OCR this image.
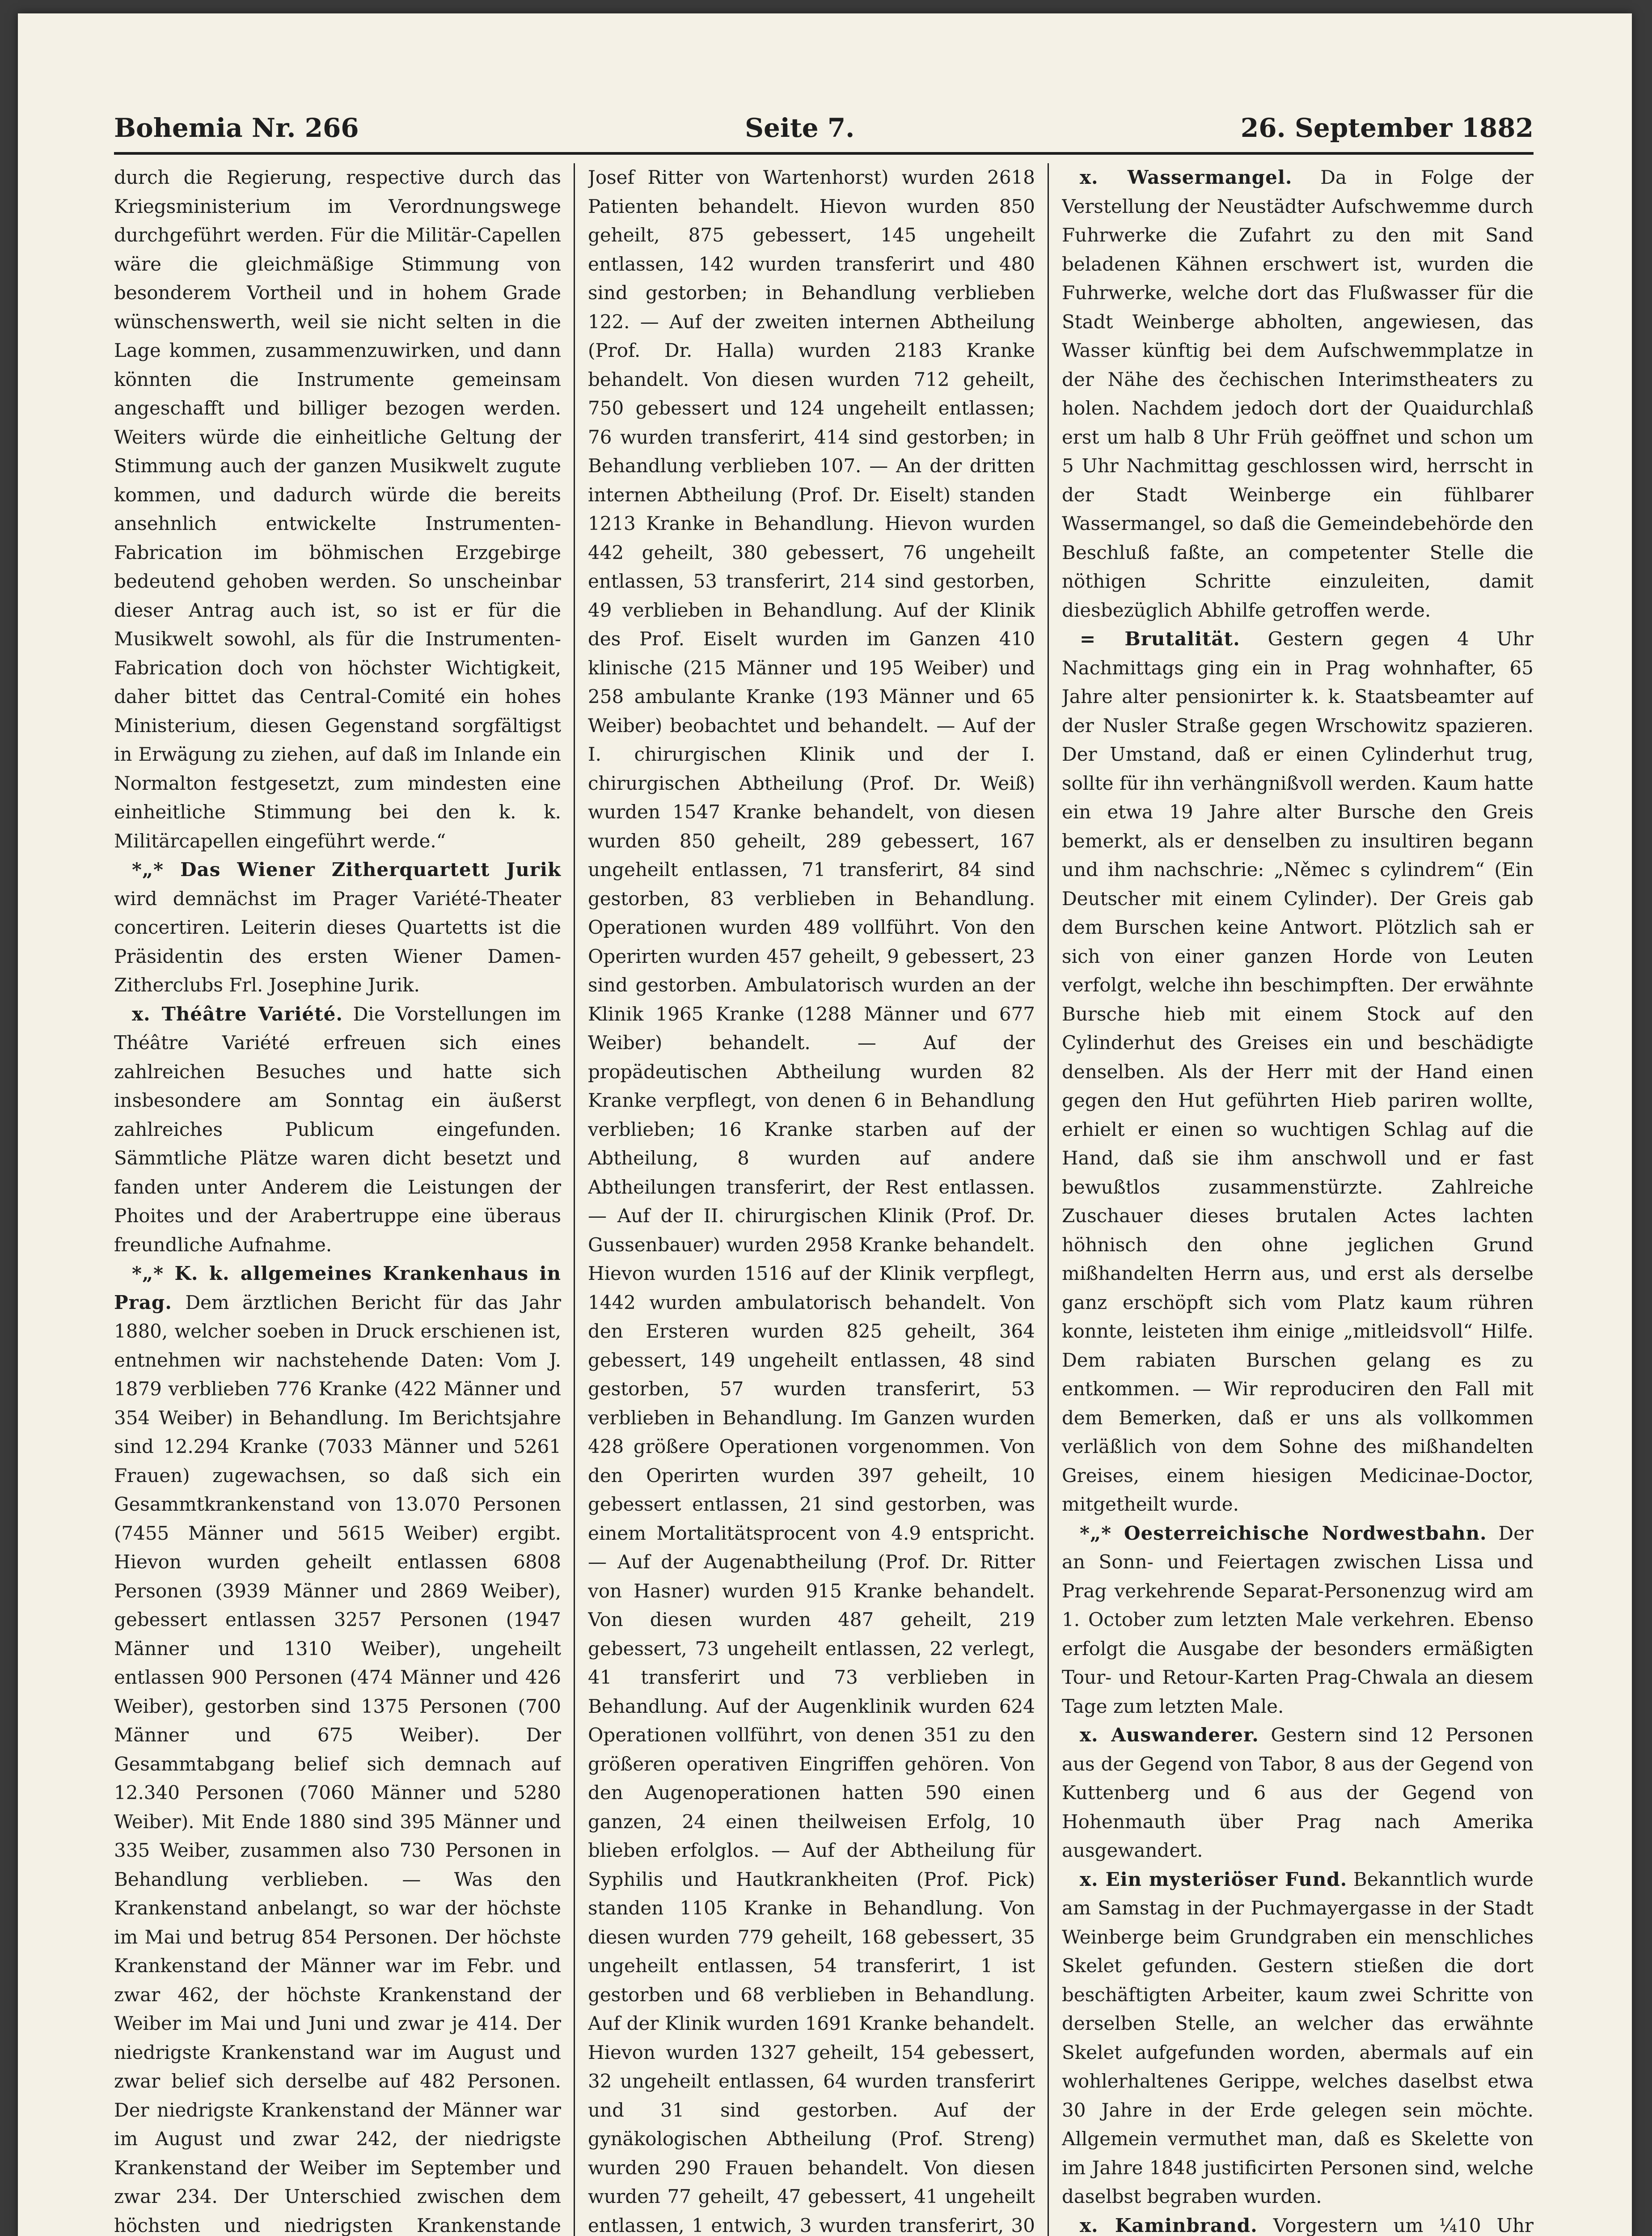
Bohemia Nr. 266	Seite 7.	26. September 1882

durch die Regierung, respective durch das Kriegsministerium im Verordnungswege durchgeführt werden. Für die Militär-Capellen wäre die gleichmäßige Stimmung von besonderem Vortheil und in hohem Grade wünschenswerth, weil sie nicht selten in die Lage kommen, zusammenzuwirken, und dann könnten die Instrumente gemeinsam angeschafft und billiger bezogen werden. Weiters würde die einheitliche Geltung der Stimmung auch der ganzen Musikwelt zugute kommen, und dadurch würde die bereits ansehnlich entwickelte Instrumenten-Fabrication im böhmischen Erzgebirge bedeutend gehoben werden. So unscheinbar dieser Antrag auch ist, so ist er für die Musikwelt sowohl, als für die Instrumenten-Fabrication doch von höchster Wichtigkeit, daher bittet das Central-Comité ein hohes Ministerium, diesen Gegenstand sorgfältigst in Erwägung zu ziehen, auf daß im Inlande ein Normalton festgesetzt, zum mindesten eine einheitliche Stimmung bei den k. k. Militärcapellen eingeführt werde.“

*„* Das Wiener Zitherquartett Jurik wird demnächst im Prager Variété-Theater concertiren. Leiterin dieses Quartetts ist die Präsidentin des ersten Wiener Damen-Zitherclubs Frl. Josephine Jurik.

x. Théâtre Variété. Die Vorstellungen im Théâtre Variété erfreuen sich eines zahlreichen Besuches und hatte sich insbesondere am Sonntag ein äußerst zahlreiches Publicum eingefunden. Sämmtliche Plätze waren dicht besetzt und fanden unter Anderem die Leistungen der Phoites und der Arabertruppe eine überaus freundliche Aufnahme.

*„* K. k. allgemeines Krankenhaus in Prag. Dem ärztlichen Bericht für das Jahr 1880, welcher soeben in Druck erschienen ist, entnehmen wir nachstehende Daten: Vom J. 1879 verblieben 776 Kranke (422 Männer und 354 Weiber) in Behandlung. Im Berichtsjahre sind 12.294 Kranke (7033 Männer und 5261 Frauen) zugewachsen, so daß sich ein Gesammtkrankenstand von 13.070 Personen (7455 Männer und 5615 Weiber) ergibt. Hievon wurden geheilt entlassen 6808 Personen (3939 Männer und 2869 Weiber), gebessert entlassen 3257 Personen (1947 Männer und 1310 Weiber), ungeheilt entlassen 900 Personen (474 Männer und 426 Weiber), gestorben sind 1375 Personen (700 Männer und 675 Weiber). Der Gesammtabgang belief sich demnach auf 12.340 Personen (7060 Männer und 5280 Weiber). Mit Ende 1880 sind 395 Männer und 335 Weiber, zusammen also 730 Personen in Behandlung verblieben. — Was den Krankenstand anbelangt, so war der höchste im Mai und betrug 854 Personen. Der höchste Krankenstand der Männer war im Febr. und zwar 462, der höchste Krankenstand der Weiber im Mai und Juni und zwar je 414. Der niedrigste Krankenstand war im August und zwar belief sich derselbe auf 482 Personen. Der niedrigste Krankenstand der Männer war im August und zwar 242, der niedrigste Krankenstand der Weiber im September und zwar 234. Der Unterschied zwischen dem höchsten und niedrigsten Krankenstande

Josef Ritter von Wartenhorst) wurden 2618 Patienten behandelt. Hievon wurden 850 geheilt, 875 gebessert, 145 ungeheilt entlassen, 142 wurden transferirt und 480 sind gestorben; in Behandlung verblieben 122. — Auf der zweiten internen Abtheilung (Prof. Dr. Halla) wurden 2183 Kranke behandelt. Von diesen wurden 712 geheilt, 750 gebessert und 124 ungeheilt entlassen; 76 wurden transferirt, 414 sind gestorben; in Behandlung verblieben 107. — An der dritten internen Abtheilung (Prof. Dr. Eiselt) standen 1213 Kranke in Behandlung. Hievon wurden 442 geheilt, 380 gebessert, 76 ungeheilt entlassen, 53 transferirt, 214 sind gestorben, 49 verblieben in Behandlung. Auf der Klinik des Prof. Eiselt wurden im Ganzen 410 klinische (215 Männer und 195 Weiber) und 258 ambulante Kranke (193 Männer und 65 Weiber) beobachtet und behandelt. — Auf der I. chirurgischen Klinik und der I. chirurgischen Abtheilung (Prof. Dr. Weiß) wurden 1547 Kranke behandelt, von diesen wurden 850 geheilt, 289 gebessert, 167 ungeheilt entlassen, 71 transferirt, 84 sind gestorben, 83 verblieben in Behandlung. Operationen wurden 489 vollführt. Von den Operirten wurden 457 geheilt, 9 gebessert, 23 sind gestorben. Ambulatorisch wurden an der Klinik 1965 Kranke (1288 Männer und 677 Weiber) behandelt. — Auf der propädeutischen Abtheilung wurden 82 Kranke verpflegt, von denen 6 in Behandlung verblieben; 16 Kranke starben auf der Abtheilung, 8 wurden auf andere Abtheilungen transferirt, der Rest entlassen. — Auf der II. chirurgischen Klinik (Prof. Dr. Gussenbauer) wurden 2958 Kranke behandelt. Hievon wurden 1516 auf der Klinik verpflegt, 1442 wurden ambulatorisch behandelt. Von den Ersteren wurden 825 geheilt, 364 gebessert, 149 ungeheilt entlassen, 48 sind gestorben, 57 wurden transferirt, 53 verblieben in Behandlung. Im Ganzen wurden 428 größere Operationen vorgenommen. Von den Operirten wurden 397 geheilt, 10 gebessert entlassen, 21 sind gestorben, was einem Mortalitätsprocent von 4.9 entspricht. — Auf der Augenabtheilung (Prof. Dr. Ritter von Hasner) wurden 915 Kranke behandelt. Von diesen wurden 487 geheilt, 219 gebessert, 73 ungeheilt entlassen, 22 verlegt, 41 transferirt und 73 verblieben in Behandlung. Auf der Augenklinik wurden 624 Operationen vollführt, von denen 351 zu den größeren operativen Eingriffen gehören. Von den Augenoperationen hatten 590 einen ganzen, 24 einen theilweisen Erfolg, 10 blieben erfolglos. — Auf der Abtheilung für Syphilis und Hautkrankheiten (Prof. Pick) standen 1105 Kranke in Behandlung. Von diesen wurden 779 geheilt, 168 gebessert, 35 ungeheilt entlassen, 54 transferirt, 1 ist gestorben und 68 verblieben in Behandlung. Auf der Klinik wurden 1691 Kranke behandelt. Hievon wurden 1327 geheilt, 154 gebessert, 32 ungeheilt entlassen, 64 wurden transferirt und 31 sind gestorben. Auf der gynäkologischen Abtheilung (Prof. Streng) wurden 290 Frauen behandelt. Von diesen wurden 77 geheilt, 47 gebessert, 41 ungeheilt entlassen, 1 entwich, 3 wurden transferirt, 30

x. Wassermangel. Da in Folge der Verstellung der Neustädter Aufschwemme durch Fuhrwerke die Zufahrt zu den mit Sand beladenen Kähnen erschwert ist, wurden die Fuhrwerke, welche dort das Flußwasser für die Stadt Weinberge abholten, angewiesen, das Wasser künftig bei dem Aufschwemmplatze in der Nähe des čechischen Interimstheaters zu holen. Nachdem jedoch dort der Quaidurchlaß erst um halb 8 Uhr Früh geöffnet und schon um 5 Uhr Nachmittag geschlossen wird, herrscht in der Stadt Weinberge ein fühlbarer Wassermangel, so daß die Gemeindebehörde den Beschluß faßte, an competenter Stelle die nöthigen Schritte einzuleiten, damit diesbezüglich Abhilfe getroffen werde.

= Brutalität. Gestern gegen 4 Uhr Nachmittags ging ein in Prag wohnhafter, 65 Jahre alter pensionirter k. k. Staatsbeamter auf der Nusler Straße gegen Wrschowitz spazieren. Der Umstand, daß er einen Cylinderhut trug, sollte für ihn verhängnißvoll werden. Kaum hatte ein etwa 19 Jahre alter Bursche den Greis bemerkt, als er denselben zu insultiren begann und ihm nachschrie: „Němec s cylindrem“ (Ein Deutscher mit einem Cylinder). Der Greis gab dem Burschen keine Antwort. Plötzlich sah er sich von einer ganzen Horde von Leuten verfolgt, welche ihn beschimpften. Der erwähnte Bursche hieb mit einem Stock auf den Cylinderhut des Greises ein und beschädigte denselben. Als der Herr mit der Hand einen gegen den Hut geführten Hieb pariren wollte, erhielt er einen so wuchtigen Schlag auf die Hand, daß sie ihm anschwoll und er fast bewußtlos zusammenstürzte. Zahlreiche Zuschauer dieses brutalen Actes lachten höhnisch den ohne jeglichen Grund mißhandelten Herrn aus, und erst als derselbe ganz erschöpft sich vom Platz kaum rühren konnte, leisteten ihm einige „mitleidsvoll“ Hilfe. Dem rabiaten Burschen gelang es zu entkommen. — Wir reproduciren den Fall mit dem Bemerken, daß er uns als vollkommen verläßlich von dem Sohne des mißhandelten Greises, einem hiesigen Medicinae-Doctor, mitgetheilt wurde.

*„* Oesterreichische Nordwestbahn. Der an Sonn- und Feiertagen zwischen Lissa und Prag verkehrende Separat-Personenzug wird am 1. October zum letzten Male verkehren. Ebenso erfolgt die Ausgabe der besonders ermäßigten Tour- und Retour-Karten Prag-Chwala an diesem Tage zum letzten Male.

x. Auswanderer. Gestern sind 12 Personen aus der Gegend von Tabor, 8 aus der Gegend von Kuttenberg und 6 aus der Gegend von Hohenmauth über Prag nach Amerika ausgewandert.

x. Ein mysteriöser Fund. Bekanntlich wurde am Samstag in der Puchmayergasse in der Stadt Weinberge beim Grundgraben ein menschliches Skelet gefunden. Gestern stießen die dort beschäftigten Arbeiter, kaum zwei Schritte von derselben Stelle, an welcher das erwähnte Skelet aufgefunden worden, abermals auf ein wohlerhaltenes Gerippe, welches daselbst etwa 30 Jahre in der Erde gelegen sein möchte. Allgemein vermuthet man, daß es Skelette von im Jahre 1848 justificirten Personen sind, welche daselbst begraben wurden.

x. Kaminbrand. Vorgestern um ¼10 Uhr
